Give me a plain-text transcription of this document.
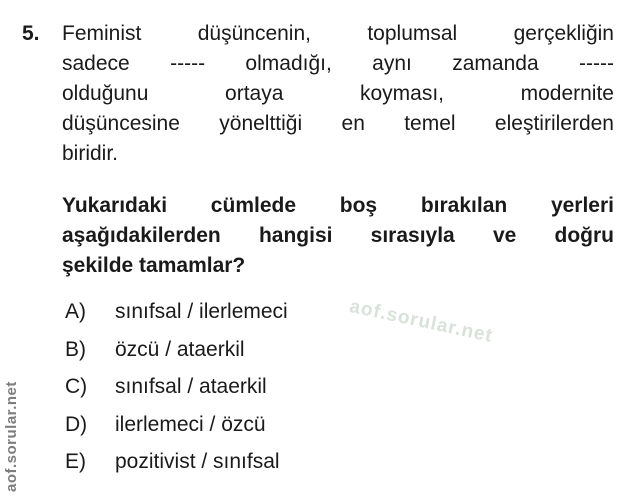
5. Feminist düşüncenin, toplumsal gerçekliğin
sadece ----- olmadığı, aynı zamanda -----
olduğunu ortaya koyması, modernite
düşüncesine yönelttiği en temel eleştirilerden
biridir.
Yukarıdaki cümlede boş bırakılan yerleri
aşağıdakilerden hangisi sırasıyla ve doğru
şekilde tamamlar?
A)	sınıfsal / ilerlemeci
B)	özcü / ataerkil
C)	sınıfsal / ataerkil
D)	ilerlemeci / özcü
E)	pozitivist / sınıfsal
aof.sorular.net
aof.sorular.net
